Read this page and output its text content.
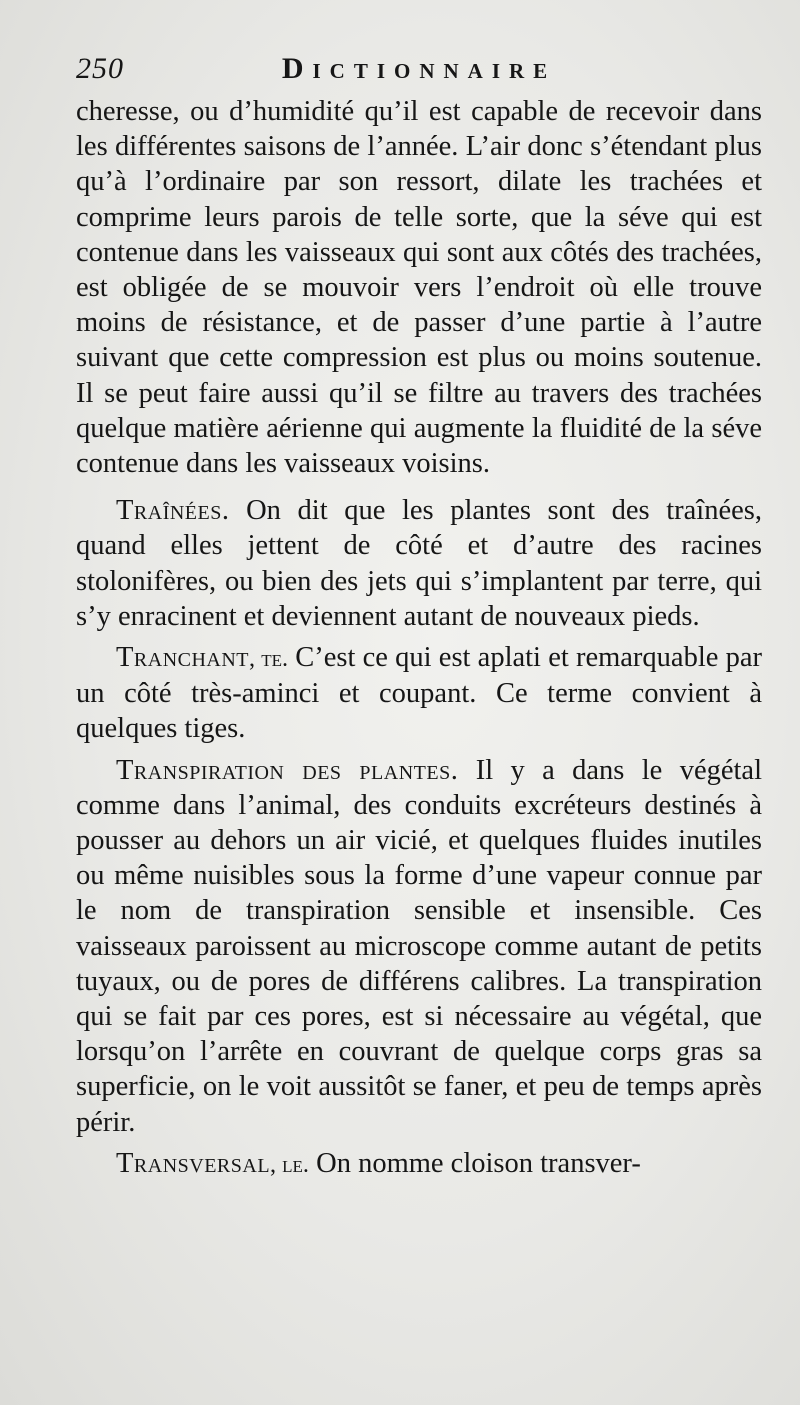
250	Dictionnaire

cheresse, ou d’humidité qu’il est capable de recevoir dans les différentes saisons de l’année. L’air donc s’étendant plus qu’à l’ordinaire par son ressort, dilate les trachées et comprime leurs parois de telle sorte, que la séve qui est contenue dans les vaisseaux qui sont aux côtés des trachées, est obligée de se mouvoir vers l’endroit où elle trouve moins de résistance, et de passer d’une partie à l’autre suivant que cette compression est plus ou moins soutenue. Il se peut faire aussi qu’il se filtre au travers des trachées quelque matière aérienne qui augmente la fluidité de la séve contenue dans les vaisseaux voisins.

Traînées. On dit que les plantes sont des traînées, quand elles jettent de côté et d’autre des racines stolonifères, ou bien des jets qui s’implantent par terre, qui s’y enracinent et deviennent autant de nouveaux pieds.

Tranchant, te. C’est ce qui est aplati et remarquable par un côté très-aminci et coupant. Ce terme convient à quelques tiges.

Transpiration des plantes. Il y a dans le végétal comme dans l’animal, des conduits excréteurs destinés à pousser au dehors un air vicié, et quelques fluides inutiles ou même nuisibles sous la forme d’une vapeur connue par le nom de transpiration sensible et insensible. Ces vaisseaux paroissent au microscope comme autant de petits tuyaux, ou de pores de différens calibres. La transpiration qui se fait par ces pores, est si nécessaire au végétal, que lorsqu’on l’arrête en couvrant de quelque corps gras sa superficie, on le voit aussitôt se faner, et peu de temps après périr.

Transversal, le. On nomme cloison transver-
